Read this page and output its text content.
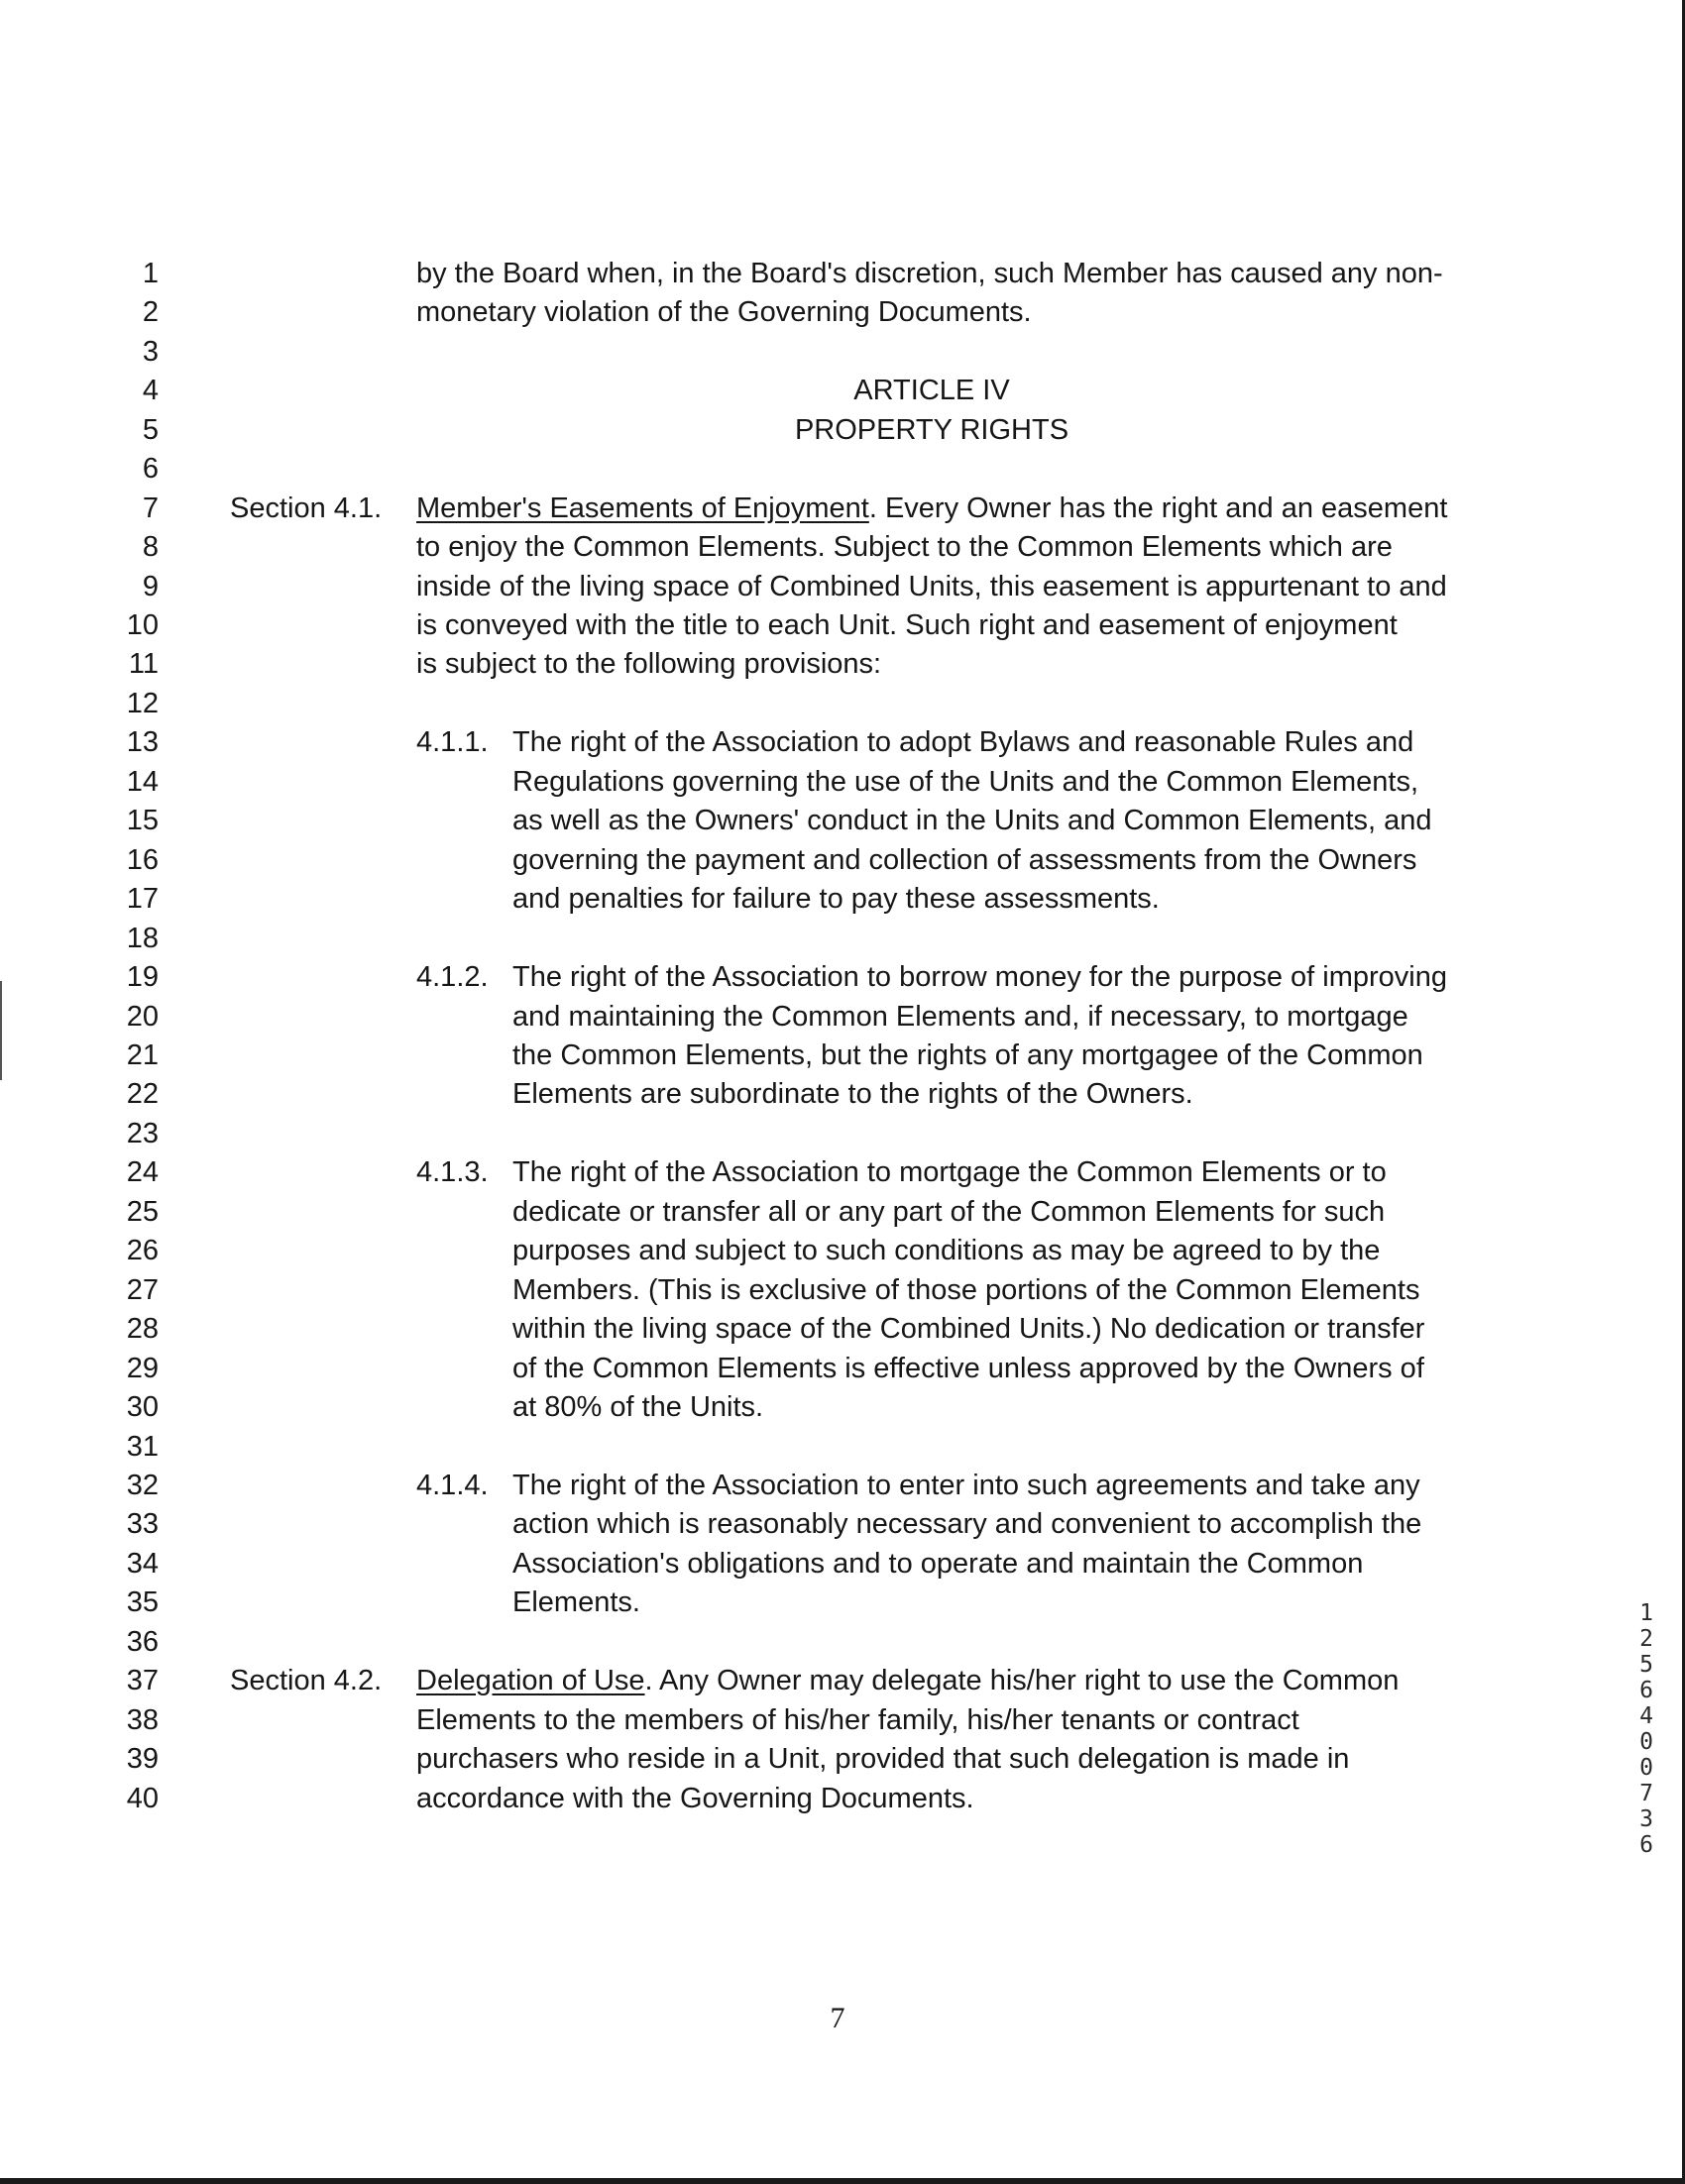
1
2
3
4
5
6
7
8
9
10
11
12
13
14
15
16
17
18
19
20
21
22
23
24
25
26
27
28
29
30
31
32
33
34
35
36
37
38
39
40
by the Board when, in the Board's discretion, such Member has caused any non-
monetary violation of the Governing Documents.
ARTICLE IV
PROPERTY RIGHTS
Section 4.1. Member's Easements of Enjoyment. Every Owner has the right and an easement
to enjoy the Common Elements. Subject to the Common Elements which are
inside of the living space of Combined Units, this easement is appurtenant to and
is conveyed with the title to each Unit. Such right and easement of enjoyment
is subject to the following provisions:
4.1.1. The right of the Association to adopt Bylaws and reasonable Rules and
Regulations governing the use of the Units and the Common Elements,
as well as the Owners' conduct in the Units and Common Elements, and
governing the payment and collection of assessments from the Owners
and penalties for failure to pay these assessments.
4.1.2. The right of the Association to borrow money for the purpose of improving
and maintaining the Common Elements and, if necessary, to mortgage
the Common Elements, but the rights of any mortgagee of the Common
Elements are subordinate to the rights of the Owners.
4.1.3. The right of the Association to mortgage the Common Elements or to
dedicate or transfer all or any part of the Common Elements for such
purposes and subject to such conditions as may be agreed to by the
Members. (This is exclusive of those portions of the Common Elements
within the living space of the Combined Units.) No dedication or transfer
of the Common Elements is effective unless approved by the Owners of
at 80% of the Units.
4.1.4. The right of the Association to enter into such agreements and take any
action which is reasonably necessary and convenient to accomplish the
Association's obligations and to operate and maintain the Common
Elements.
Section 4.2. Delegation of Use. Any Owner may delegate his/her right to use the Common
Elements to the members of his/her family, his/her tenants or contract
purchasers who reside in a Unit, provided that such delegation is made in
accordance with the Governing Documents.
12564 00736
7
